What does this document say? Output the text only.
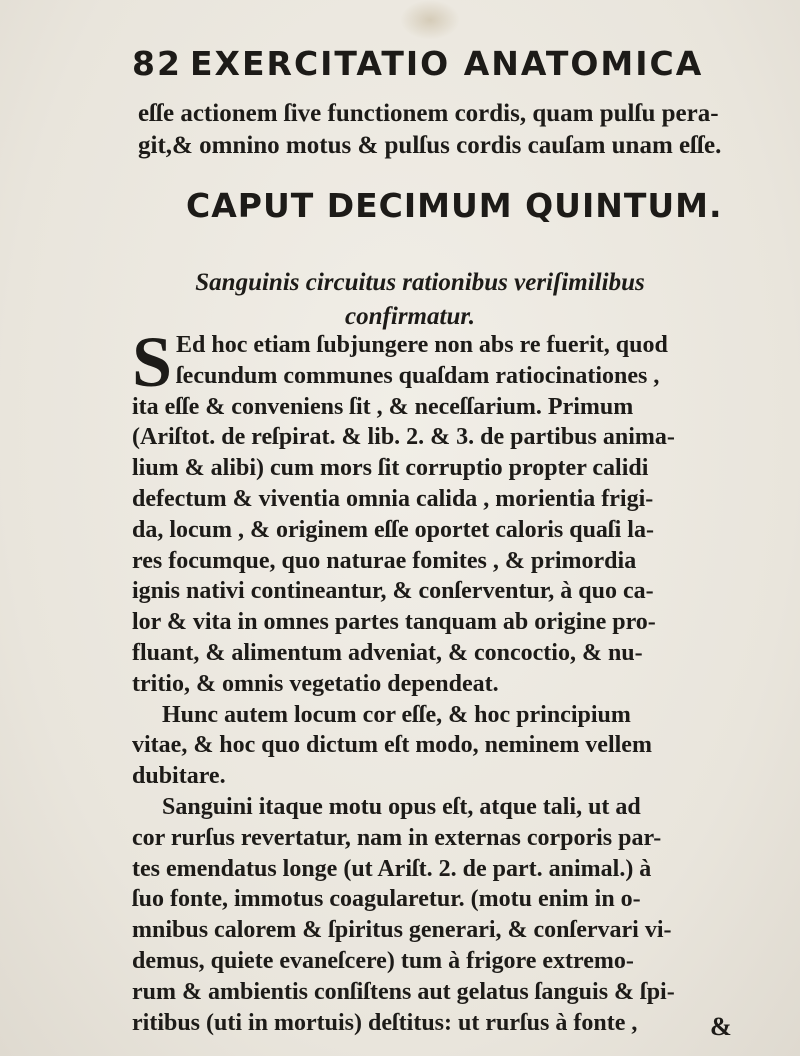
82 EXERCITATIO ANATOMICA

eſſe actionem ſive functionem cordis, quam pulſu pera-

git,& omnino motus & pulſus cordis cauſam unam eſſe.

CAPUT DECIMUM QUINTUM.
Sanguinis circuitus rationibus veriſimilibus
confirmatur.
S Ed hoc etiam ſubjungere non abs re fuerit, quod
ſecundum communes quaſdam ratiocinationes ,
ita eſſe & conveniens ſit , & neceſſarium. Primum
(Ariſtot. de reſpirat. & lib. 2. & 3. de partibus anima-
lium & alibi) cum mors ſit corruptio propter calidi
defectum & viventia omnia calida , morientia frigi-
da, locum , & originem eſſe oportet caloris quaſi la-
res focumque, quo naturae fomites , & primordia
ignis nativi contineantur, & conſerventur, à quo ca-
lor & vita in omnes partes tanquam ab origine pro-
fluant, & alimentum adveniat, & concoctio, & nu-
tritio, & omnis vegetatio dependeat.
Hunc autem locum cor eſſe, & hoc principium
vitae, & hoc quo dictum eſt modo, neminem vellem
dubitare.
Sanguini itaque motu opus eſt, atque tali, ut ad
cor rurſus revertatur, nam in externas corporis par-
tes emendatus longe (ut Ariſt. 2. de part. animal.) à
ſuo fonte, immotus coagularetur. (motu enim in o-
mnibus calorem & ſpiritus generari, & conſervari vi-
demus, quiete evaneſcere) tum à frigore extremo-
rum & ambientis conſiſtens aut gelatus ſanguis & ſpi-
ritibus (uti in mortuis) deſtitus: ut rurſus à fonte ,	&
